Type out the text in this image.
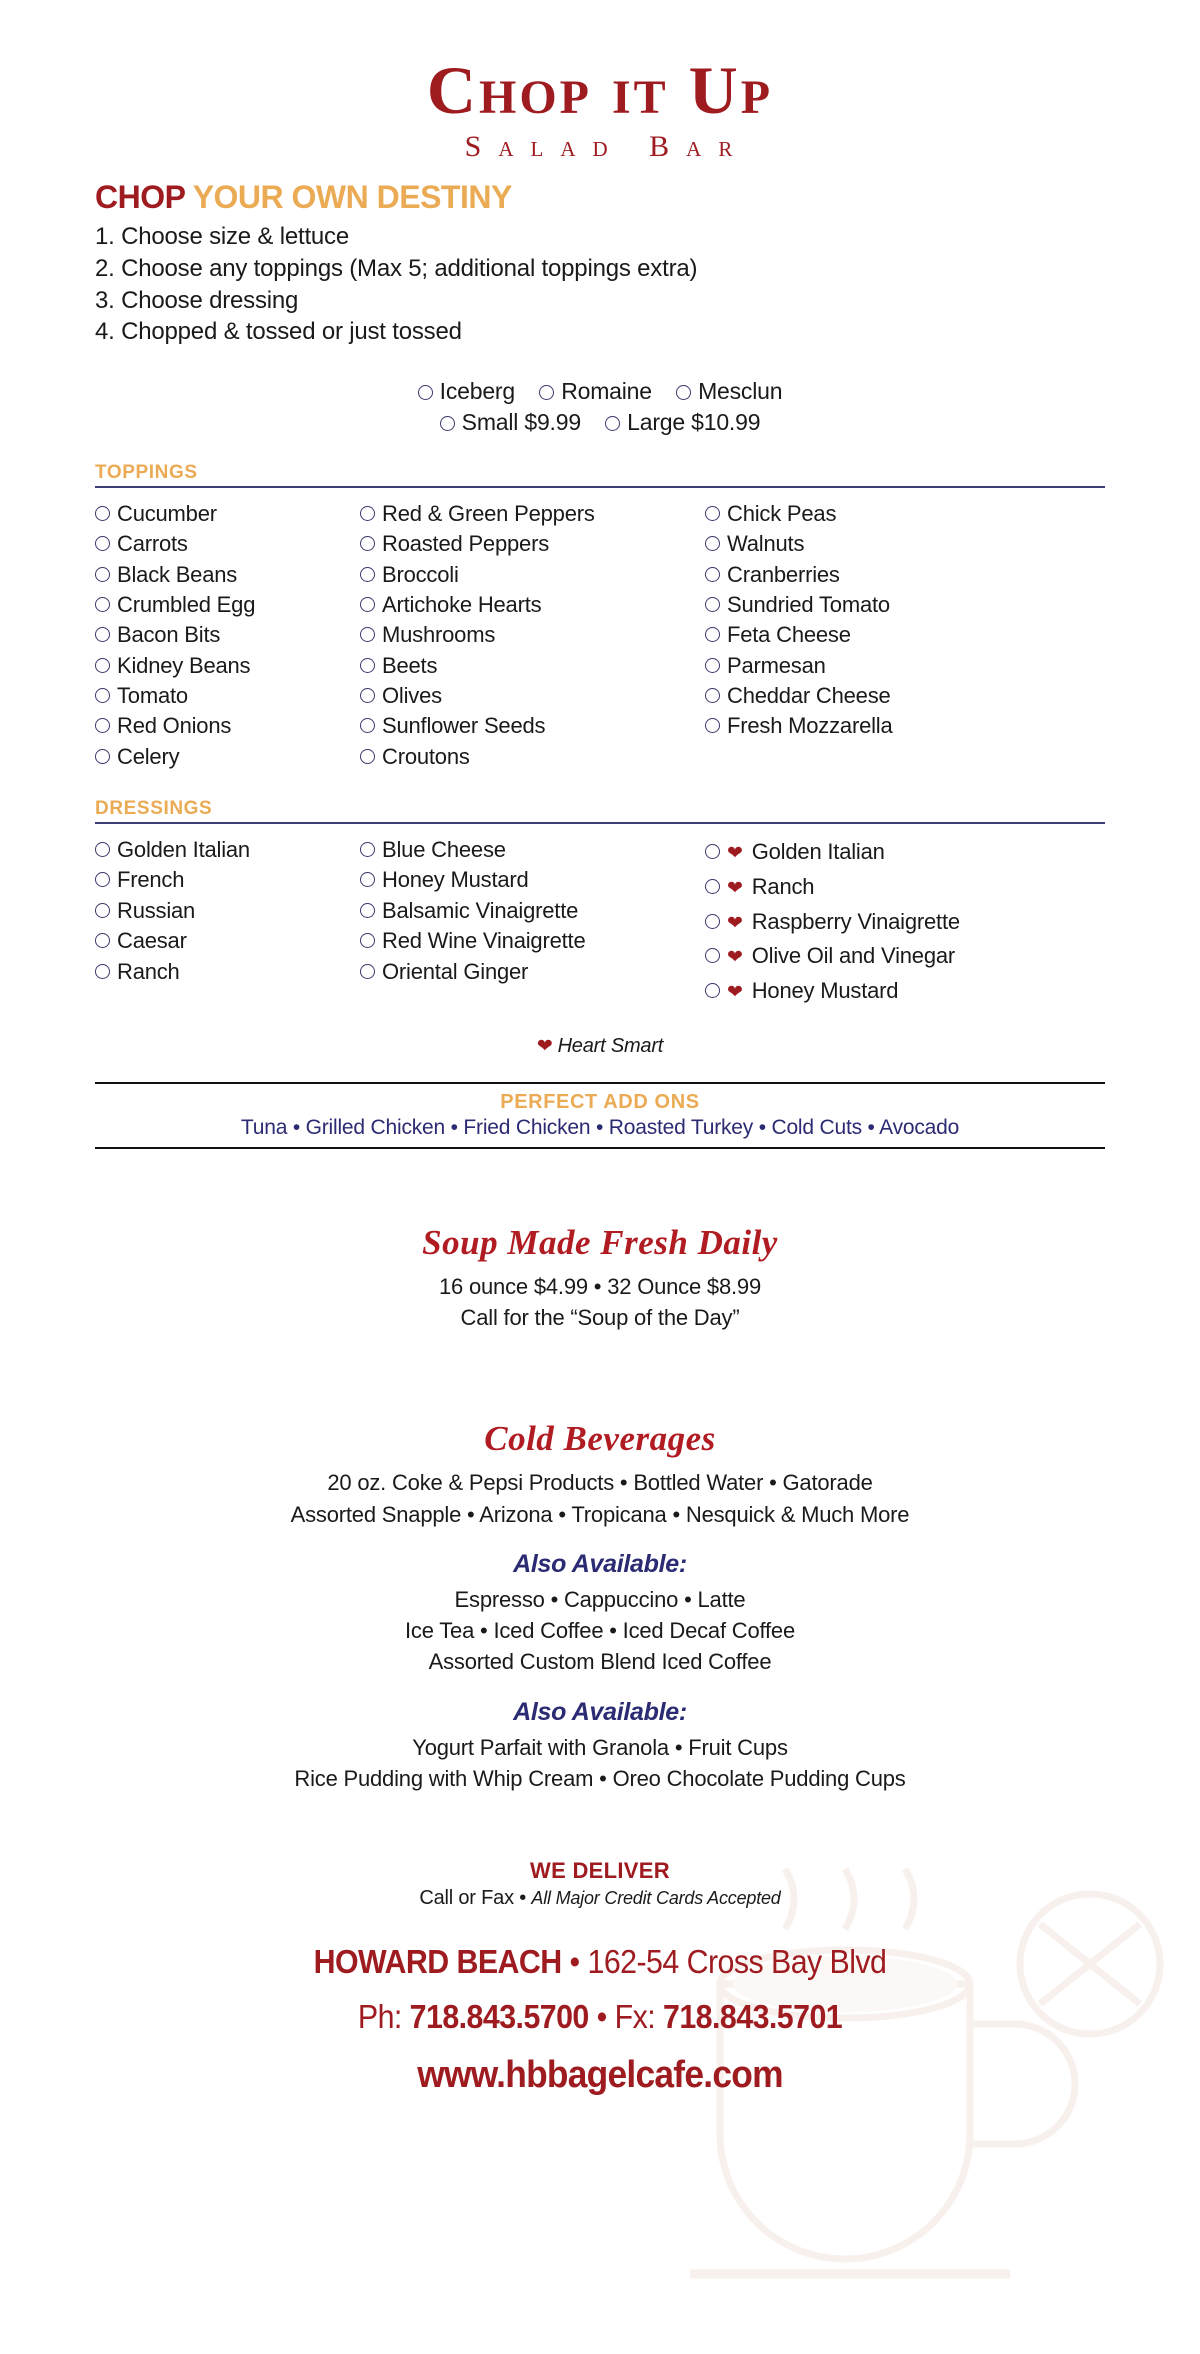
Chop it Up
Salad Bar
CHOP YOUR OWN DESTINY
1. Choose size & lettuce
2. Choose any toppings (Max 5; additional toppings extra)
3. Choose dressing
4. Chopped & tossed or just tossed
Iceberg Romaine Mesclun
Small $9.99 Large $10.99
TOPPINGS
Cucumber
Carrots
Black Beans
Crumbled Egg
Bacon Bits
Kidney Beans
Tomato
Red Onions
Celery
Red & Green Peppers
Roasted Peppers
Broccoli
Artichoke Hearts
Mushrooms
Beets
Olives
Sunflower Seeds
Croutons
Chick Peas
Walnuts
Cranberries
Sundried Tomato
Feta Cheese
Parmesan
Cheddar Cheese
Fresh Mozzarella
DRESSINGS
Golden Italian
French
Russian
Caesar
Ranch
Blue Cheese
Honey Mustard
Balsamic Vinaigrette
Red Wine Vinaigrette
Oriental Ginger
❤ Golden Italian
❤ Ranch
❤ Raspberry Vinaigrette
❤ Olive Oil and Vinegar
❤ Honey Mustard
❤ Heart Smart
PERFECT ADD ONS
Tuna • Grilled Chicken • Fried Chicken • Roasted Turkey • Cold Cuts • Avocado
Soup Made Fresh Daily
16 ounce $4.99 • 32 Ounce $8.99
Call for the “Soup of the Day”
Cold Beverages
20 oz. Coke & Pepsi Products • Bottled Water • Gatorade
Assorted Snapple • Arizona • Tropicana • Nesquick & Much More
Also Available:
Espresso • Cappuccino • Latte
Ice Tea • Iced Coffee • Iced Decaf Coffee
Assorted Custom Blend Iced Coffee
Also Available:
Yogurt Parfait with Granola • Fruit Cups
Rice Pudding with Whip Cream • Oreo Chocolate Pudding Cups
WE DELIVER
Call or Fax • All Major Credit Cards Accepted
HOWARD BEACH • 162-54 Cross Bay Blvd
Ph: 718.843.5700 • Fx: 718.843.5701
www.hbbagelcafe.com
